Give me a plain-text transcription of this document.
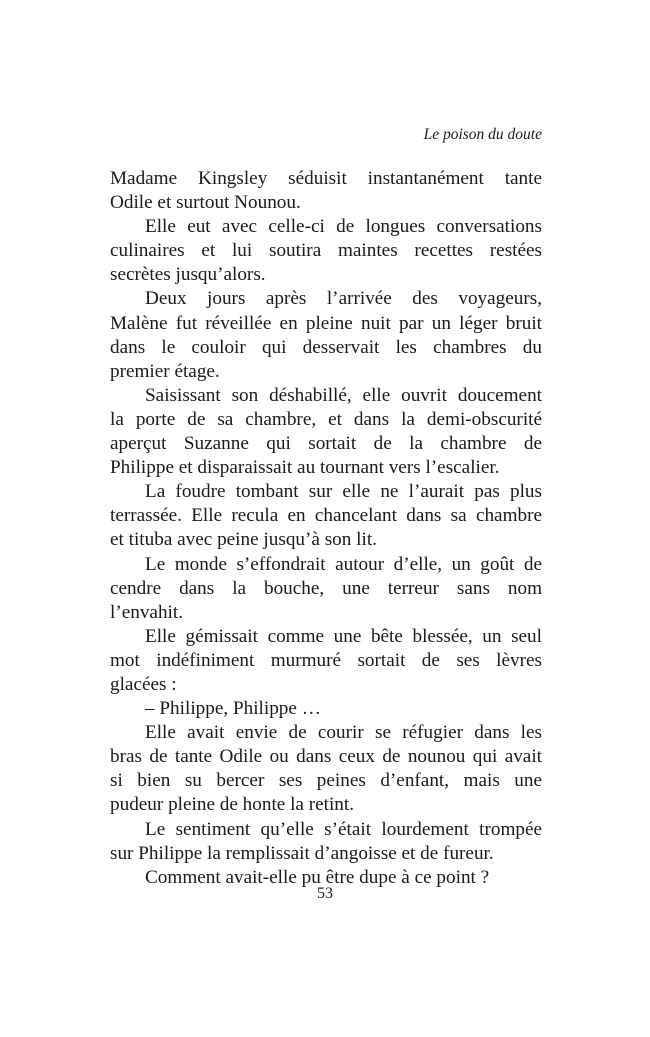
Le poison du doute
Madame Kingsley séduisit instantanément tante
Odile et surtout Nounou.
Elle eut avec celle-ci de longues conversations
culinaires et lui soutira maintes recettes restées
secrètes jusqu’alors.
Deux jours après l’arrivée des voyageurs,
Malène fut réveillée en pleine nuit par un léger bruit
dans le couloir qui desservait les chambres du
premier étage.
Saisissant son déshabillé, elle ouvrit doucement
la porte de sa chambre, et dans la demi-obscurité
aperçut Suzanne qui sortait de la chambre de
Philippe et disparaissait au tournant vers l’escalier.
La foudre tombant sur elle ne l’aurait pas plus
terrassée. Elle recula en chancelant dans sa chambre
et tituba avec peine jusqu’à son lit.
Le monde s’effondrait autour d’elle, un goût de
cendre dans la bouche, une terreur sans nom
l’envahit.
Elle gémissait comme une bête blessée, un seul
mot indéfiniment murmuré sortait de ses lèvres
glacées :
– Philippe, Philippe …
Elle avait envie de courir se réfugier dans les
bras de tante Odile ou dans ceux de nounou qui avait
si bien su bercer ses peines d’enfant, mais une
pudeur pleine de honte la retint.
Le sentiment qu’elle s’était lourdement trompée
sur Philippe la remplissait d’angoisse et de fureur.
Comment avait-elle pu être dupe à ce point ?
53
